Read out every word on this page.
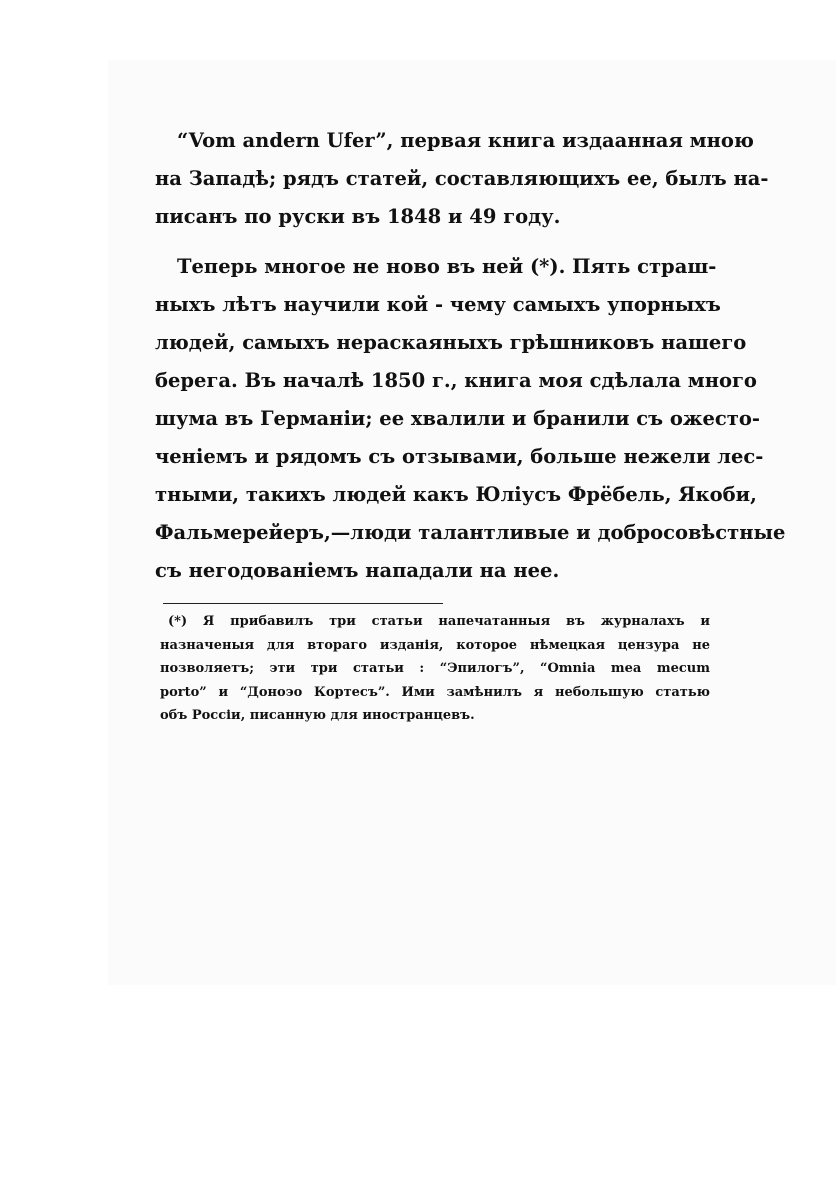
“Vom andern Ufer”, первая книга издаанная мною
на Западѣ; рядъ статей, составляющихъ ее, былъ на-
писанъ по руски въ 1848 и 49 году.

Теперь многое не ново въ ней (*). Пять страш-
ныхъ лѣтъ научили кой - чему самыхъ упорныхъ
людей, самыхъ нераскаяныхъ грѣшниковъ нашего
берега. Въ началѣ 1850 г., книга моя сдѣлала много
шума въ Германіи; ее хвалили и бранили съ ожесто-
ченіемъ и рядомъ съ отзывами, больше нежели лес-
тными, такихъ людей какъ Юліусъ Фрёбель, Якоби,
Фальмерейеръ,—люди талантливые и добросовѣстные
съ негодованіемъ нападали на нее.

(*) Я прибавилъ три статьи напечатанныя въ журналахъ и
назначеныя для втораго изданія, которое нѣмецкая цензура не
позволяетъ; эти три статьи : “Эпилогъ”, “Omnia mea mecum
porto” и “Доноэо Кортесъ”. Ими замѣнилъ я небольшую статью
объ Россіи, писанную для иностранцевъ.
